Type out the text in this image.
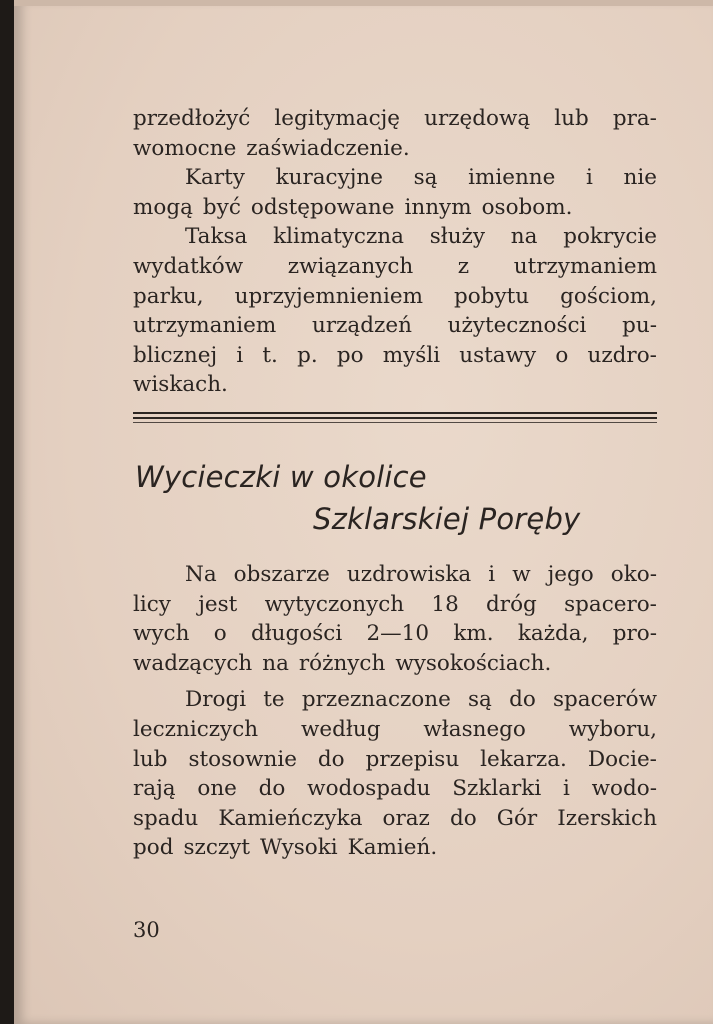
przedłożyć legitymację urzędową lub pra-
womocne zaświadczenie.
Karty kuracyjne są imienne i nie
mogą być odstępowane innym osobom.
Taksa klimatyczna służy na pokrycie
wydatków związanych z utrzymaniem
parku, uprzyjemnieniem pobytu gościom,
utrzymaniem urządzeń użyteczności pu-
blicznej i t. p. po myśli ustawy o uzdro-
wiskach.
Wycieczki w okolice
Szklarskiej Poręby
Na obszarze uzdrowiska i w jego oko-
licy jest wytyczonych 18 dróg spacero-
wych o długości 2—10 km. każda, pro-
wadzących na różnych wysokościach.
Drogi te przeznaczone są do spacerów
leczniczych według własnego wyboru,
lub stosownie do przepisu lekarza. Docie-
rają one do wodospadu Szklarki i wodo-
spadu Kamieńczyka oraz do Gór Izerskich
pod szczyt Wysoki Kamień.
30
